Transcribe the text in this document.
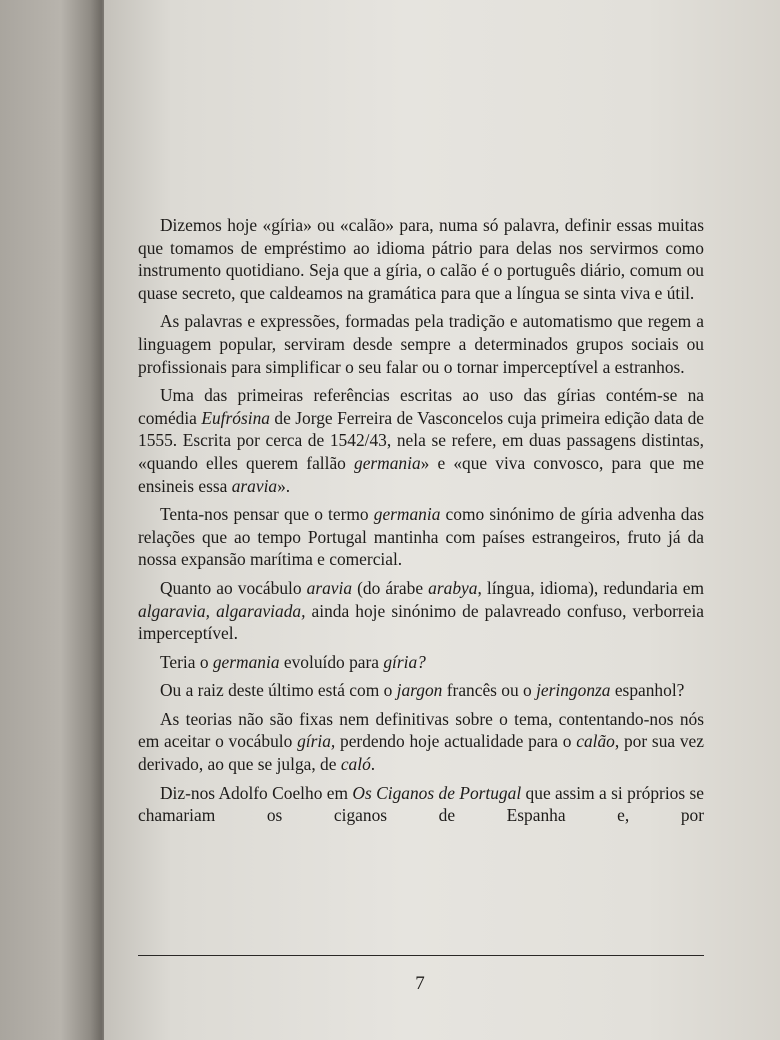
Dizemos hoje «gíria» ou «calão» para, numa só palavra, definir essas muitas que tomamos de empréstimo ao idioma pátrio para delas nos servirmos como instrumento quotidiano. Seja que a gíria, o calão é o português diário, comum ou quase secreto, que caldeamos na gramática para que a língua se sinta viva e útil.

As palavras e expressões, formadas pela tradição e automatismo que regem a linguagem popular, serviram desde sempre a determinados grupos sociais ou profissionais para simplificar o seu falar ou o tornar imperceptível a estranhos.

Uma das primeiras referências escritas ao uso das gírias contém-se na comédia Eufrósina de Jorge Ferreira de Vasconcelos cuja primeira edição data de 1555. Escrita por cerca de 1542/43, nela se refere, em duas passagens distintas, «quando elles querem fallão germania» e «que viva convosco, para que me ensineis essa aravia».

Tenta-nos pensar que o termo germania como sinónimo de gíria advenha das relações que ao tempo Portugal mantinha com países estrangeiros, fruto já da nossa expansão marítima e comercial.

Quanto ao vocábulo aravia (do árabe arabya, língua, idioma), redundaria em algaravia, algaraviada, ainda hoje sinónimo de palavreado confuso, verborreia imperceptível.

Teria o germania evoluído para gíria?

Ou a raiz deste último está com o jargon francês ou o jeringonza espanhol?

As teorias não são fixas nem definitivas sobre o tema, contentando-nos nós em aceitar o vocábulo gíria, perdendo hoje actualidade para o calão, por sua vez derivado, ao que se julga, de caló.

Diz-nos Adolfo Coelho em Os Ciganos de Portugal que assim a si próprios se chamariam os ciganos de Espanha e, por

7
